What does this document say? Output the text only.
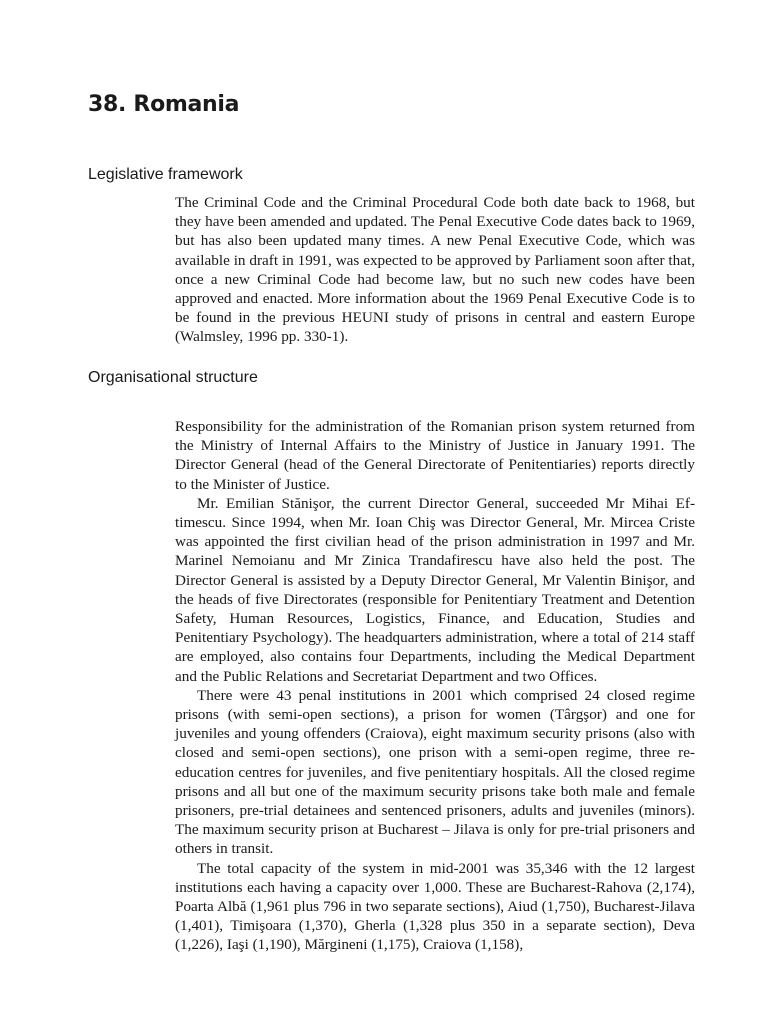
38. Romania
Legislative framework

The Criminal Code and the Criminal Procedural Code both date back to 1968, but they have been amended and updated. The Penal Executive Code dates back to 1969, but has also been updated many times. A new Penal Executive Code, which was available in draft in 1991, was expected to be approved by Parliament soon after that, once a new Criminal Code had become law, but no such new codes have been approved and enacted. More information about the 1969 Penal Executive Code is to be found in the previous HEUNI study of prisons in central and eastern Europe (Walmsley, 1996 pp. 330-1).

Organisational structure

Responsibility for the administration of the Romanian prison system returned from the Ministry of Internal Affairs to the Ministry of Justice in January 1991. The Director General (head of the General Directorate of Penitentiaries) reports directly to the Minister of Justice.

Mr. Emilian Stănişor, the current Director General, succeeded Mr Mihai Eftimescu. Since 1994, when Mr. Ioan Chiş was Director General, Mr. Mircea Criste was appointed the first civilian head of the prison administration in 1997 and Mr. Marinel Nemoianu and Mr Zinica Trandafirescu have also held the post. The Director General is assisted by a Deputy Director General, Mr Valentin Binişor, and the heads of five Directorates (responsible for Penitentiary Treatment and Detention Safety, Human Resources, Logistics, Finance, and Education, Studies and Penitentiary Psychology). The headquarters administration, where a total of 214 staff are employed, also contains four Departments, including the Medical Department and the Public Relations and Secretariat Department and two Offices.

There were 43 penal institutions in 2001 which comprised 24 closed regime prisons (with semi-open sections), a prison for women (Târgşor) and one for juveniles and young offenders (Craiova), eight maximum security prisons (also with closed and semi-open sections), one prison with a semi-open regime, three re-education centres for juveniles, and five penitentiary hospitals. All the closed regime prisons and all but one of the maximum security prisons take both male and female prisoners, pre-trial detainees and sentenced prisoners, adults and juveniles (minors). The maximum security prison at Bucharest – Jilava is only for pre-trial prisoners and others in transit.

The total capacity of the system in mid-2001 was 35,346 with the 12 largest institutions each having a capacity over 1,000. These are Bucharest-Rahova (2,174), Poarta Albă (1,961 plus 796 in two separate sections), Aiud (1,750), Bucharest-Jilava (1,401), Timişoara (1,370), Gherla (1,328 plus 350 in a separate section), Deva (1,226), Iaşi (1,190), Mărgineni (1,175), Craiova (1,158),
